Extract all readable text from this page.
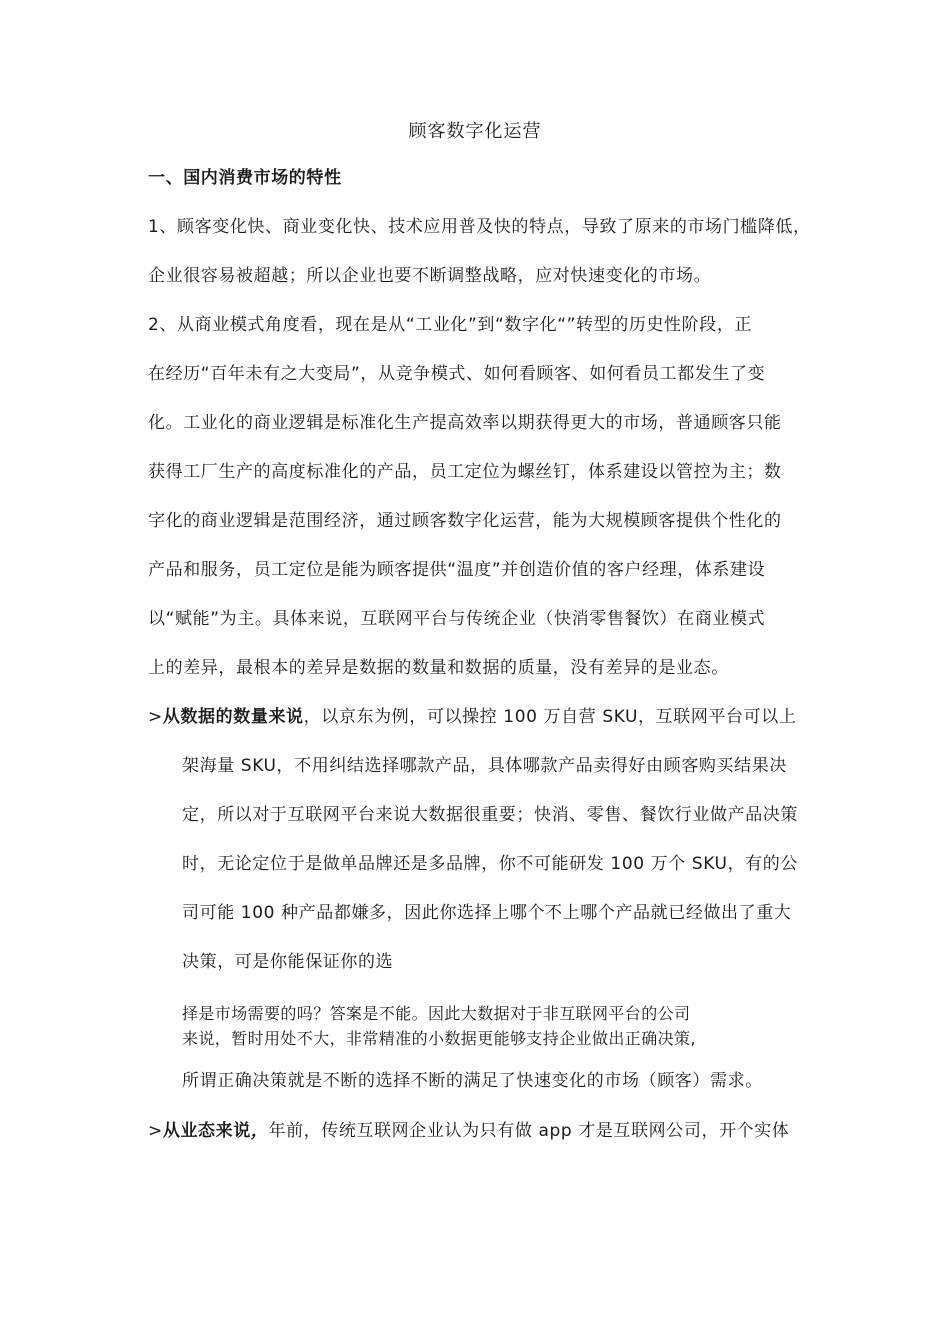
顾客数字化运营
一、国内消费市场的特性
1、顾客变化快、商业变化快、技术应用普及快的特点，导致了原来的市场门槛降低，
企业很容易被超越；所以企业也要不断调整战略，应对快速变化的市场。
2、从商业模式角度看，现在是从“工业化”到“数字化“”转型的历史性阶段，正
在经历“百年未有之大变局”，从竞争模式、如何看顾客、如何看员工都发生了变
化。工业化的商业逻辑是标准化生产提高效率以期获得更大的市场，普通顾客只能
获得工厂生产的高度标准化的产品，员工定位为螺丝钉，体系建设以管控为主；数
字化的商业逻辑是范围经济，通过顾客数字化运营，能为大规模顾客提供个性化的
产品和服务，员工定位是能为顾客提供“温度”并创造价值的客户经理，体系建设
以“赋能”为主。具体来说，互联网平台与传统企业（快消零售餐饮）在商业模式
上的差异，最根本的差异是数据的数量和数据的质量，没有差异的是业态。
>从数据的数量来说，以京东为例，可以操控 100 万自营 SKU，互联网平台可以上
架海量 SKU，不用纠结选择哪款产品，具体哪款产品卖得好由顾客购买结果决
定，所以对于互联网平台来说大数据很重要；快消、零售、餐饮行业做产品决策
时，无论定位于是做单品牌还是多品牌，你不可能研发 100 万个 SKU，有的公
司可能 100 种产品都嫌多，因此你选择上哪个不上哪个产品就已经做出了重大
决策，可是你能保证你的选
择是市场需要的吗？答案是不能。因此大数据对于非互联网平台的公司
来说，暂时用处不大，非常精准的小数据更能够支持企业做出正确决策,
所谓正确决策就是不断的选择不断的满足了快速变化的市场（顾客）需求。
>从业态来说，年前，传统互联网企业认为只有做 app 才是互联网公司，开个实体
